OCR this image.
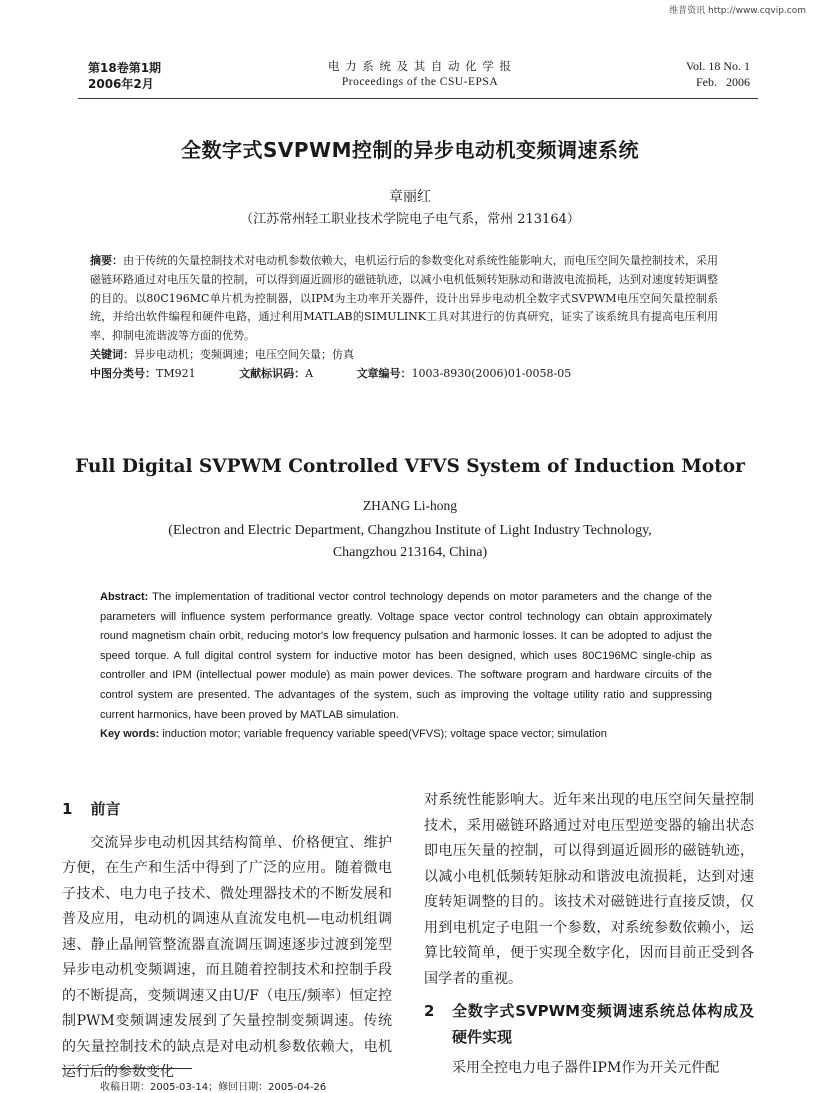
维普资讯 http://www.cqvip.com
第18卷第1期
2006年2月
电 力 系 统 及 其 自 动 化 学 报
Proceedings of the CSU-EPSA
Vol. 18 No. 1
Feb.   2006
全数字式SVPWM控制的异步电动机变频调速系统
章丽红
（江苏常州轻工职业技术学院电子电气系，常州 213164）
摘要：由于传统的矢量控制技术对电动机参数依赖大，电机运行后的参数变化对系统性能影响大，而电压空间矢量控制技术，采用磁链环路通过对电压矢量的控制，可以得到逼近圆形的磁链轨迹，以减小电机低频转矩脉动和谐波电流损耗，达到对速度转矩调整的目的。以80C196MC单片机为控制器，以IPM为主功率开关器件，设计出异步电动机全数字式SVPWM电压空间矢量控制系统，并给出软件编程和硬件电路，通过利用MATLAB的SIMULINK工具对其进行的仿真研究，证实了该系统具有提高电压利用率、抑制电流谐波等方面的优势。
关键词：异步电动机；变频调速；电压空间矢量；仿真
中图分类号：TM921	文献标识码：A	文章编号：1003-8930(2006)01-0058-05
Full Digital SVPWM Controlled VFVS System of Induction Motor
ZHANG Li-hong
(Electron and Electric Department, Changzhou Institute of Light Industry Technology,
Changzhou 213164, China)
Abstract: The implementation of traditional vector control technology depends on motor parameters and the change of the parameters will influence system performance greatly. Voltage space vector control technology can obtain approximately round magnetism chain orbit, reducing motor's low frequency pulsation and harmonic losses. It can be adopted to adjust the speed torque. A full digital control system for inductive motor has been designed, which uses 80C196MC single-chip as controller and IPM (intellectual power module) as main power devices. The software program and hardware circuits of the control system are presented. The advantages of the system, such as improving the voltage utility ratio and suppressing current harmonics, have been proved by MATLAB simulation.
Key words: induction motor; variable frequency variable speed(VFVS); voltage space vector; simulation
1 前言

交流异步电动机因其结构简单、价格便宜、维护方便，在生产和生活中得到了广泛的应用。随着微电子技术、电力电子技术、微处理器技术的不断发展和普及应用，电动机的调速从直流发电机—电动机组调速、静止晶闸管整流器直流调压调速逐步过渡到笼型异步电动机变频调速，而且随着控制技术和控制手段的不断提高，变频调速又由U/F（电压/频率）恒定控制PWM变频调速发展到了矢量控制变频调速。传统的矢量控制技术的缺点是对电动机参数依赖大，电机运行后的参数变化

对系统性能影响大。近年来出现的电压空间矢量控制技术，采用磁链环路通过对电压型逆变器的输出状态即电压矢量的控制，可以得到逼近圆形的磁链轨迹，以减小电机低频转矩脉动和谐波电流损耗，达到对速度转矩调整的目的。该技术对磁链进行直接反馈，仅用到电机定子电阻一个参数，对系统参数依赖小，运算比较简单，便于实现全数字化，因而目前正受到各国学者的重视。

2	全数字式SVPWM变频调速系统总体构成及硬件实现

采用全控电力电子器件IPM作为开关元件配

收稿日期：2005-03-14；修回日期：2005-04-26
